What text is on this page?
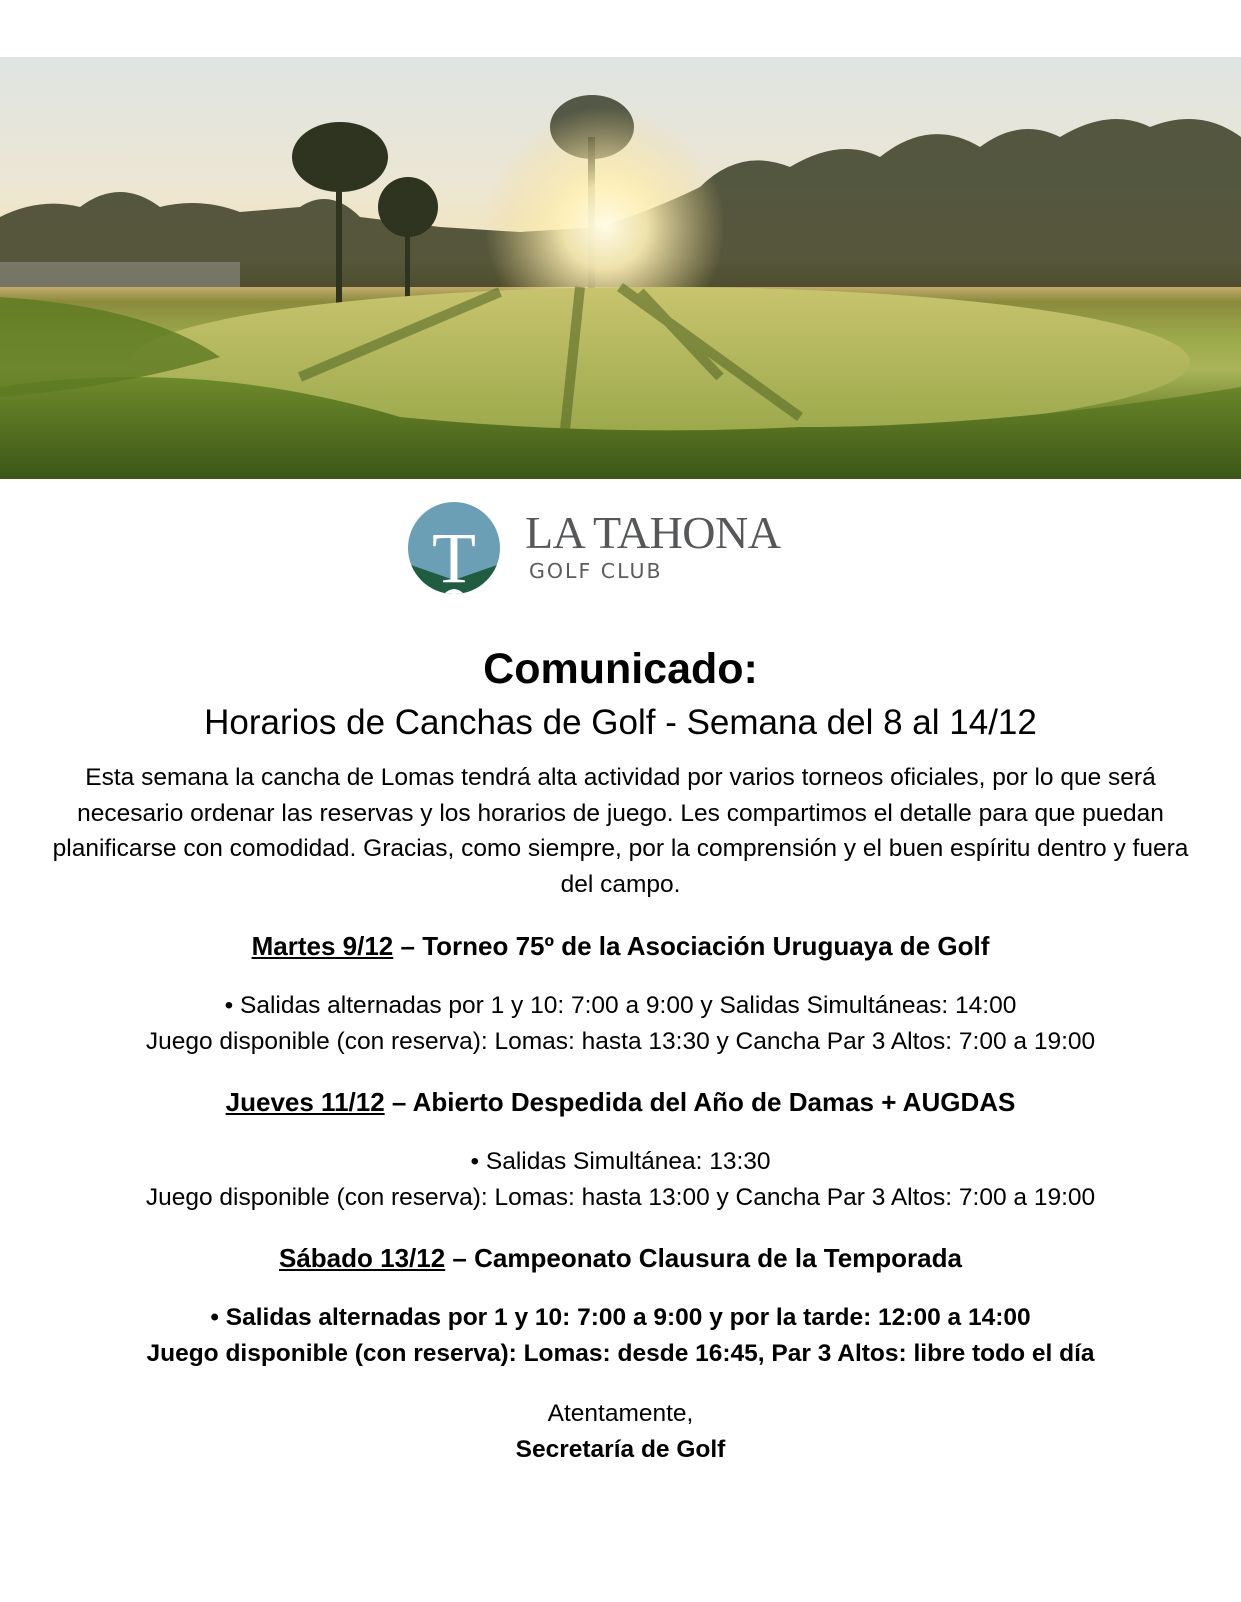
T LA TAHONA
GOLF CLUB
Comunicado:
Horarios de Canchas de Golf - Semana del 8 al 14/12

Esta semana la cancha de Lomas tendrá alta actividad por varios torneos oficiales, por lo que será necesario ordenar las reservas y los horarios de juego. Les compartimos el detalle para que puedan planificarse con comodidad. Gracias, como siempre, por la comprensión y el buen espíritu dentro y fuera del campo.

Martes 9/12 – Torneo 75º de la Asociación Uruguaya de Golf
• Salidas alternadas por 1 y 10: 7:00 a 9:00 y Salidas Simultáneas: 14:00
Juego disponible (con reserva): Lomas: hasta 13:30 y Cancha Par 3 Altos: 7:00 a 19:00
Jueves 11/12 – Abierto Despedida del Año de Damas + AUGDAS
• Salidas Simultánea: 13:30
Juego disponible (con reserva): Lomas: hasta 13:00 y Cancha Par 3 Altos: 7:00 a 19:00
Sábado 13/12 – Campeonato Clausura de la Temporada
• Salidas alternadas por 1 y 10: 7:00 a 9:00 y por la tarde: 12:00 a 14:00
Juego disponible (con reserva): Lomas: desde 16:45, Par 3 Altos: libre todo el día
Atentamente,
Secretaría de Golf
